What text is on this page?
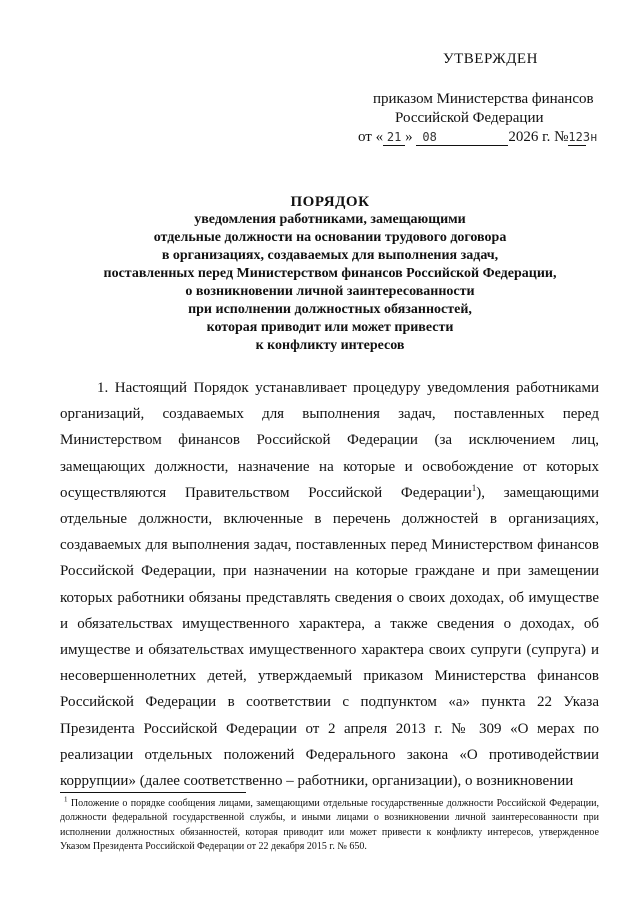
УТВЕРЖДЕН
приказом Министерства финансов
Российской Федерации
от « 21 » 08	2026 г. №123н
ПОРЯДОК
уведомления работниками, замещающими
отдельные должности на основании трудового договора
в организациях, создаваемых для выполнения задач,
поставленных перед Министерством финансов Российской Федерации,
о возникновении личной заинтересованности
при исполнении должностных обязанностей,
которая приводит или может привести
к конфликту интересов

1. Настоящий Порядок устанавливает процедуру уведомления работниками организаций, создаваемых для выполнения задач, поставленных перед Министерством финансов Российской Федерации (за исключением лиц, замещающих должности, назначение на которые и освобождение от которых осуществляются Правительством Российской Федерации$^1$), замещающими отдельные должности, включенные в перечень должностей в организациях, создаваемых для выполнения задач, поставленных перед Министерством финансов Российской Федерации, при назначении на которые граждане и при замещении которых работники обязаны представлять сведения о своих доходах, об имуществе и обязательствах имущественного характера, а также сведения о доходах, об имуществе и обязательствах имущественного характера своих супруги (супруга) и несовершеннолетних детей, утверждаемый приказом Министерства финансов Российской Федерации в соответствии с подпунктом «а» пункта 22 Указа Президента Российской Федерации от 2 апреля 2013 г. № 309 «О мерах по реализации отдельных положений Федерального закона «О противодействии коррупции» (далее соответственно – работники, организации), о возникновении

$^1$ Положение о порядке сообщения лицами, замещающими отдельные государственные должности Российской Федерации, должности федеральной государственной службы, и иными лицами о возникновении личной заинтересованности при исполнении должностных обязанностей, которая приводит или может привести к конфликту интересов, утвержденное Указом Президента Российской Федерации от 22 декабря 2015 г. № 650.
